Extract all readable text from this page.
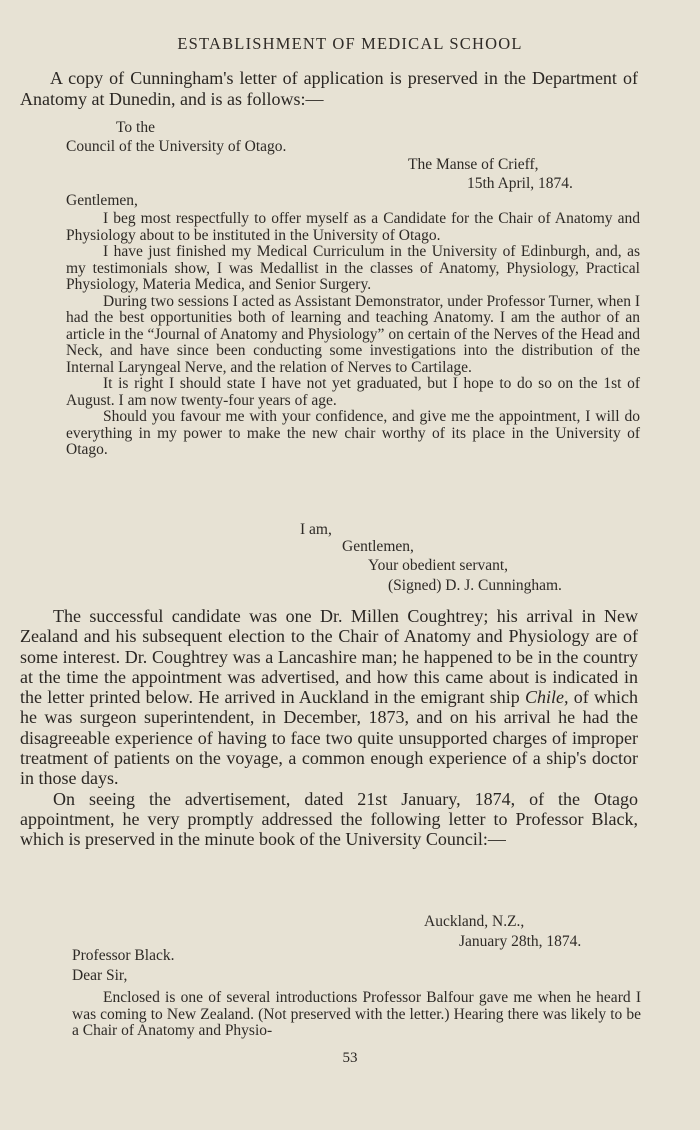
ESTABLISHMENT OF MEDICAL SCHOOL

A copy of Cunningham's letter of application is preserved in the Department of Anatomy at Dunedin, and is as follows:—

To the
Council of the University of Otago.
The Manse of Crieff,
15th April, 1874.
Gentlemen,

I beg most respectfully to offer myself as a Candidate for the Chair of Anatomy and Physiology about to be instituted in the University of Otago.

I have just finished my Medical Curriculum in the University of Edinburgh, and, as my testimonials show, I was Medallist in the classes of Anatomy, Physiology, Practical Physiology, Materia Medica, and Senior Surgery.

During two sessions I acted as Assistant Demonstrator, under Professor Turner, when I had the best opportunities both of learning and teaching Anatomy. I am the author of an article in the “Journal of Anatomy and Physiology” on certain of the Nerves of the Head and Neck, and have since been conducting some investigations into the distribution of the Internal Laryngeal Nerve, and the relation of Nerves to Cartilage.

It is right I should state I have not yet graduated, but I hope to do so on the 1st of August. I am now twenty-four years of age.

Should you favour me with your confidence, and give me the appointment, I will do everything in my power to make the new chair worthy of its place in the University of Otago.

I am,
Gentlemen,
Your obedient servant,
(Signed) D. J. Cunningham.

The successful candidate was one Dr. Millen Coughtrey; his arrival in New Zealand and his subsequent election to the Chair of Anatomy and Physiology are of some interest. Dr. Coughtrey was a Lancashire man; he happened to be in the country at the time the appointment was advertised, and how this came about is indicated in the letter printed below. He arrived in Auckland in the emigrant ship Chile, of which he was surgeon superintendent, in December, 1873, and on his arrival he had the disagreeable experience of having to face two quite unsupported charges of improper treatment of patients on the voyage, a common enough experience of a ship's doctor in those days.

On seeing the advertisement, dated 21st January, 1874, of the Otago appointment, he very promptly addressed the following letter to Professor Black, which is preserved in the minute book of the University Council:—

Auckland, N.Z.,
January 28th, 1874.
Professor Black.
Dear Sir,

Enclosed is one of several introductions Professor Balfour gave me when he heard I was coming to New Zealand. (Not preserved with the letter.) Hearing there was likely to be a Chair of Anatomy and Physio-

53
